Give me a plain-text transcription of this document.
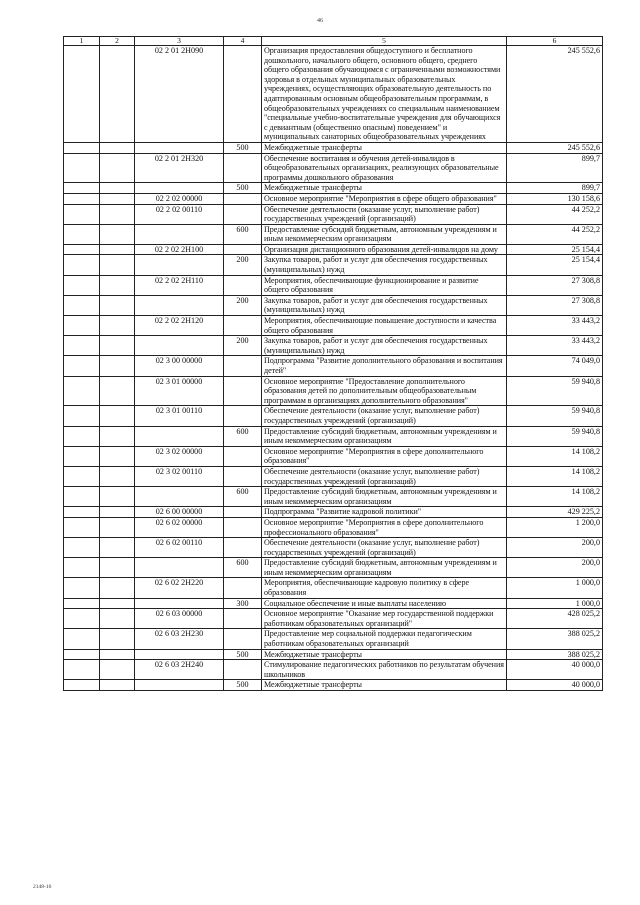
46
1	2	3	4	5	6
		02 2 01 2Н090		Организация предоставления общедоступного и бесплатного дошкольного, начального общего, основного общего, среднего общего образования обучающимся с ограниченными возможностями здоровья в отдельных муниципальных образовательных учреждениях, осуществляющих образовательную деятельность по адаптированным основным общеобразовательным программам, в общеобразовательных учреждениях со специальным наименованием "специальные учебно-воспитательные учреждения для обучающихся с девиантным (общественно опасным) поведением" и муниципальных санаторных общеобразовательных учреждениях	245 552,6
			500	Межбюджетные трансферты	245 552,6
		02 2 01 2Н320		Обеспечение воспитания и обучения детей-инвалидов в общеобразовательных организациях, реализующих образовательные программы дошкольного образования	899,7
			500	Межбюджетные трансферты	899,7
		02 2 02 00000		Основное мероприятие "Мероприятия в сфере общего образования"	130 158,6
		02 2 02 00110		Обеспечение деятельности (оказание услуг, выполнение работ) государственных учреждений (организаций)	44 252,2
			600	Предоставление субсидий бюджетным, автономным учреждениям и иным некоммерческим организациям	44 252,2
		02 2 02 2Н100		Организация дистанционного образования детей-инвалидов на дому	25 154,4
			200	Закупка товаров, работ и услуг для обеспечения государственных (муниципальных) нужд	25 154,4
		02 2 02 2Н110		Мероприятия, обеспечивающие функционирование и развитие общего образования	27 308,8
			200	Закупка товаров, работ и услуг для обеспечения государственных (муниципальных) нужд	27 308,8
		02 2 02 2Н120		Мероприятия, обеспечивающие повышение доступности и качества общего образования	33 443,2
			200	Закупка товаров, работ и услуг для обеспечения государственных (муниципальных) нужд	33 443,2
		02 3 00 00000		Подпрограмма "Развитие дополнительного образования и воспитания детей"	74 049,0
		02 3 01 00000		Основное мероприятие "Предоставление дополнительного образования детей по дополнительным общеобразовательным программам в организациях дополнительного образования"	59 940,8
		02 3 01 00110		Обеспечение деятельности (оказание услуг, выполнение работ) государственных учреждений (организаций)	59 940,8
			600	Предоставление субсидий бюджетным, автономным учреждениям и иным некоммерческим организациям	59 940,8
		02 3 02 00000		Основное мероприятие "Мероприятия в сфере дополнительного образования"	14 108,2
		02 3 02 00110		Обеспечение деятельности (оказание услуг, выполнение работ) государственных учреждений (организаций)	14 108,2
			600	Предоставление субсидий бюджетным, автономным учреждениям и иным некоммерческим организациям	14 108,2
		02 6 00 00000		Подпрограмма "Развитие кадровой политики"	429 225,2
		02 6 02 00000		Основное мероприятие "Мероприятия в сфере дополнительного профессионального образования"	1 200,0
		02 6 02 00110		Обеспечение деятельности (оказание услуг, выполнение работ) государственных учреждений (организаций)	200,0
			600	Предоставление субсидий бюджетным, автономным учреждениям и иным некоммерческим организациям	200,0
		02 6 02 2Н220		Мероприятия, обеспечивающие кадровую политику в сфере образования	1 000,0
			300	Социальное обеспечение и иные выплаты населению	1 000,0
		02 6 03 00000		Основное мероприятие "Оказание мер государственной поддержки работникам образовательных организаций"	428 025,2
		02 6 03 2Н230		Предоставление мер социальной поддержки педагогическим работникам образовательных организаций	388 025,2
			500	Межбюджетные трансферты	388 025,2
		02 6 03 2Н240		Стимулирование педагогических работников по результатам обучения школьников	40 000,0
			500	Межбюджетные трансферты	40 000,0
2148-16
